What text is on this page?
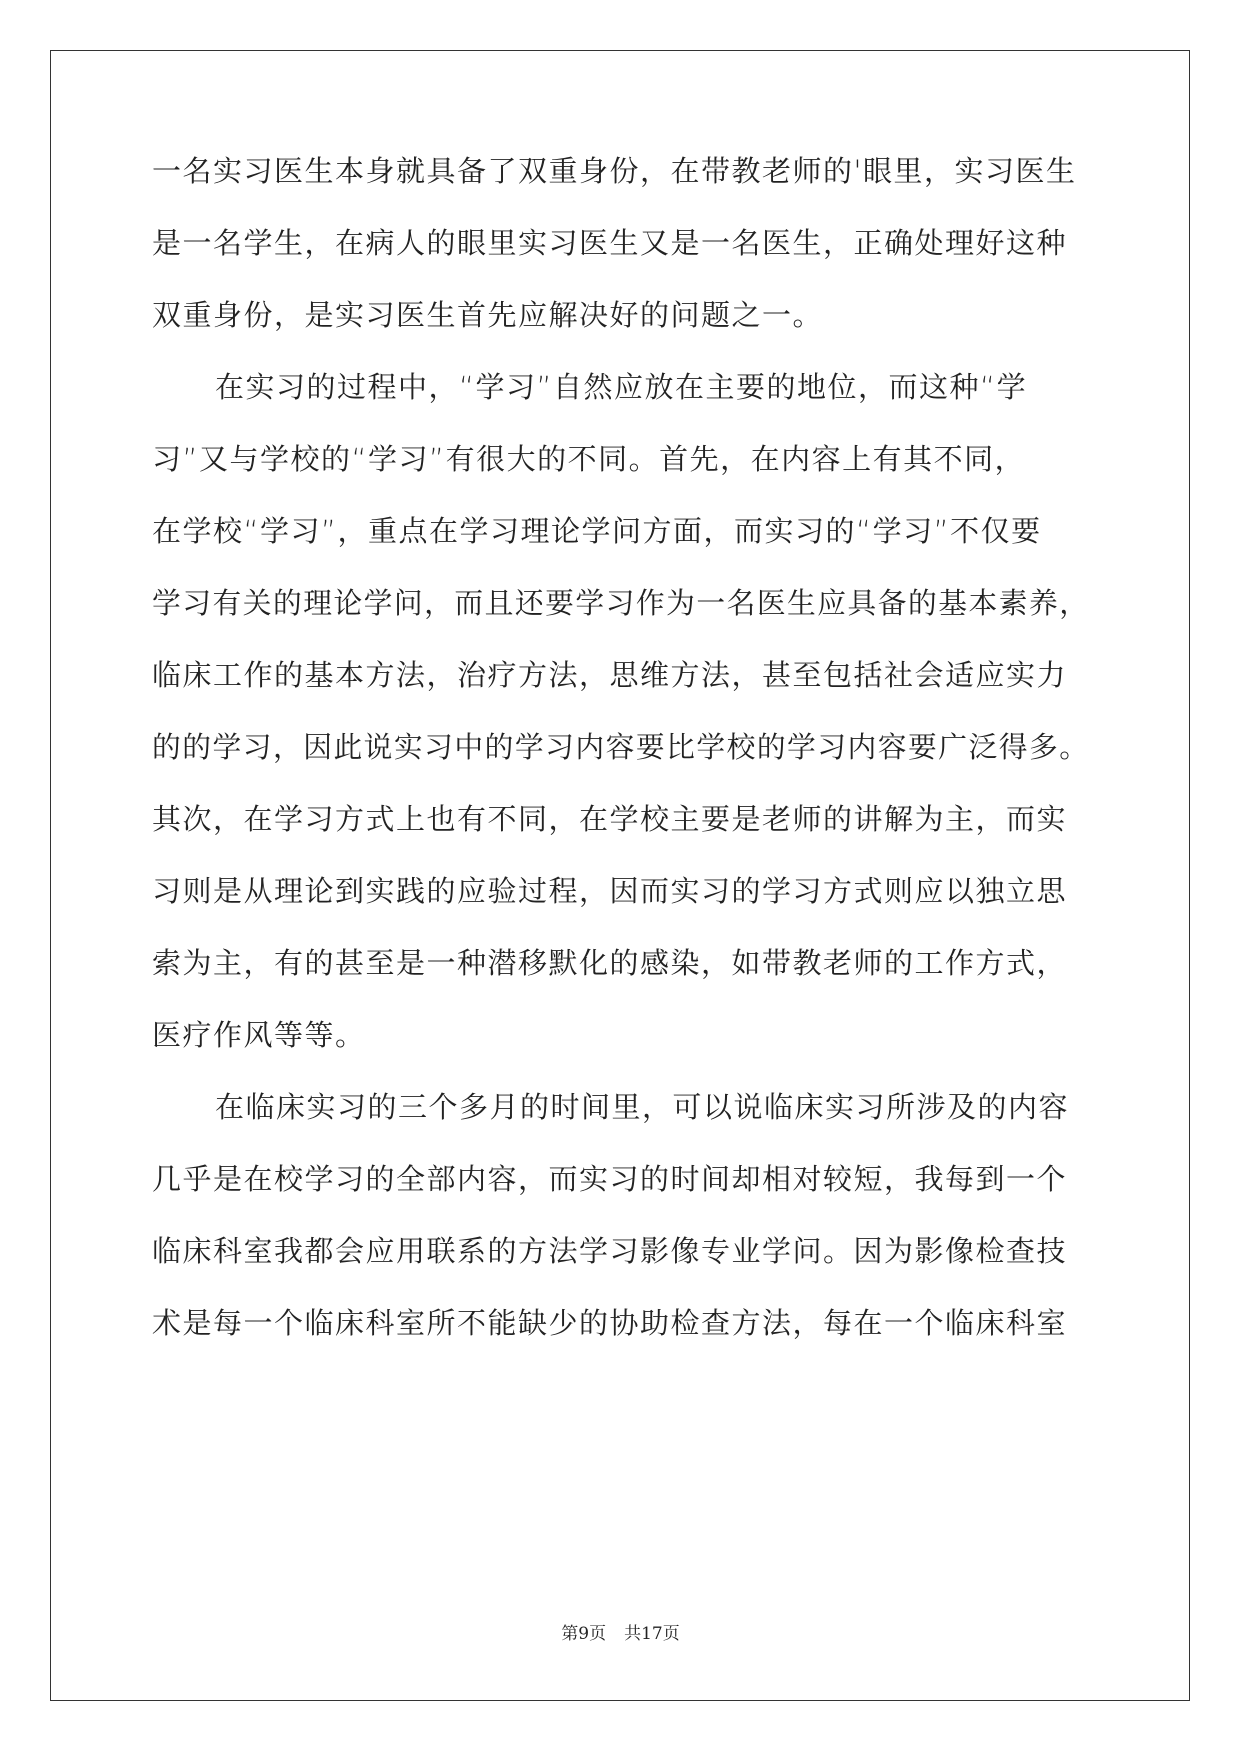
一名实习医生本身就具备了双重身份，在带教老师的'眼里，实习医生
是一名学生，在病人的眼里实习医生又是一名医生，正确处理好这种
双重身份，是实习医生首先应解决好的问题之一。
在实习的过程中，“学习”自然应放在主要的地位，而这种“学
习”又与学校的“学习”有很大的不同。首先，在内容上有其不同，
在学校“学习”，重点在学习理论学问方面，而实习的“学习”不仅要
学习有关的理论学问，而且还要学习作为一名医生应具备的基本素养，
临床工作的基本方法，治疗方法，思维方法，甚至包括社会适应实力
的的学习，因此说实习中的学习内容要比学校的学习内容要广泛得多。
其次，在学习方式上也有不同，在学校主要是老师的讲解为主，而实
习则是从理论到实践的应验过程，因而实习的学习方式则应以独立思
索为主，有的甚至是一种潜移默化的感染，如带教老师的工作方式，
医疗作风等等。
在临床实习的三个多月的时间里，可以说临床实习所涉及的内容
几乎是在校学习的全部内容，而实习的时间却相对较短，我每到一个
临床科室我都会应用联系的方法学习影像专业学问。因为影像检查技
术是每一个临床科室所不能缺少的协助检查方法，每在一个临床科室
第9页 共17页
